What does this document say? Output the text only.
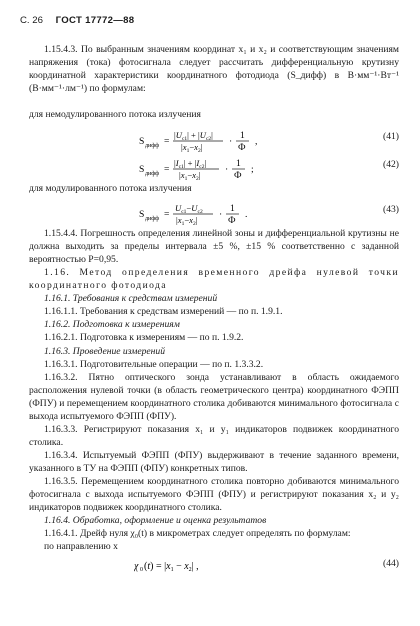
С. 26 ГОСТ 17772—88

1.15.4.3. По выбранным значениям координат x₁ и x₂ и соответствующим значениям напряжения (тока) фотосигнала следует рассчитать дифференциальную крутизну координатной характеристики координатного фотодиода (S_дифф) в В·мм⁻¹·Вт⁻¹ (В·мм⁻¹·лм⁻¹) по формулам:

для немодулированного потока излучения

S дифф =
$|U_{c1}| + |U_{c2}|$
$|x_1-x_2|$	·
1
Ф
,	(41)
S дифф =
$|I_{c1}| + |I_{c2}|$
$|x_1-x_2|$	·
1
Ф
;	(42)

для модулированного потока излучения

S дифф =
$U_{c1}-U_{c2}$
$|x_1-x_2|$ ·
1
Ф
.	(43)

1.15.4.4. Погрешность определения линейной зоны и дифференциальной крутизны не должна выходить за пределы интервала ±5 %, ±15 % соответственно с заданной вероятностью P=0,95.

1.16. Метод определения временного дрейфа нулевой точки координатного фотодиода

1.16.1. Требования к средствам измерений

1.16.1.1. Требования к средствам измерений — по п. 1.9.1.

1.16.2. Подготовка к измерениям

1.16.2.1. Подготовка к измерениям — по п. 1.9.2.

1.16.3. Проведение измерений

1.16.3.1. Подготовительные операции — по п. 1.3.3.2.

1.16.3.2. Пятно оптического зонда устанавливают в область ожидаемого расположения нулевой точки (в область геометрического центра) координатного ФЭПП (ФПУ) и перемещением координатного столика добиваются минимального фотосигнала с выхода испытуемого ФЭПП (ФПУ).

1.16.3.3. Регистрируют показания x₁ и y₁ индикаторов подвижек координатного столика.

1.16.3.4. Испытуемый ФЭПП (ФПУ) выдерживают в течение заданного времени, указанного в ТУ на ФЭПП (ФПУ) конкретных типов.

1.16.3.5. Перемещением координатного столика повторно добиваются минимального фотосигнала с выхода испытуемого ФЭПП (ФПУ) и регистрируют показания x₂ и y₂ индикаторов подвижек координатного столика.

1.16.4. Обработка, оформление и оценка результатов

1.16.4.1. Дрейф нуля χ₀(t) в микрометрах следует определять по формулам:

по направлению x

χ 0 $(t) = |x_1 - x_2|$ ,	(44)
